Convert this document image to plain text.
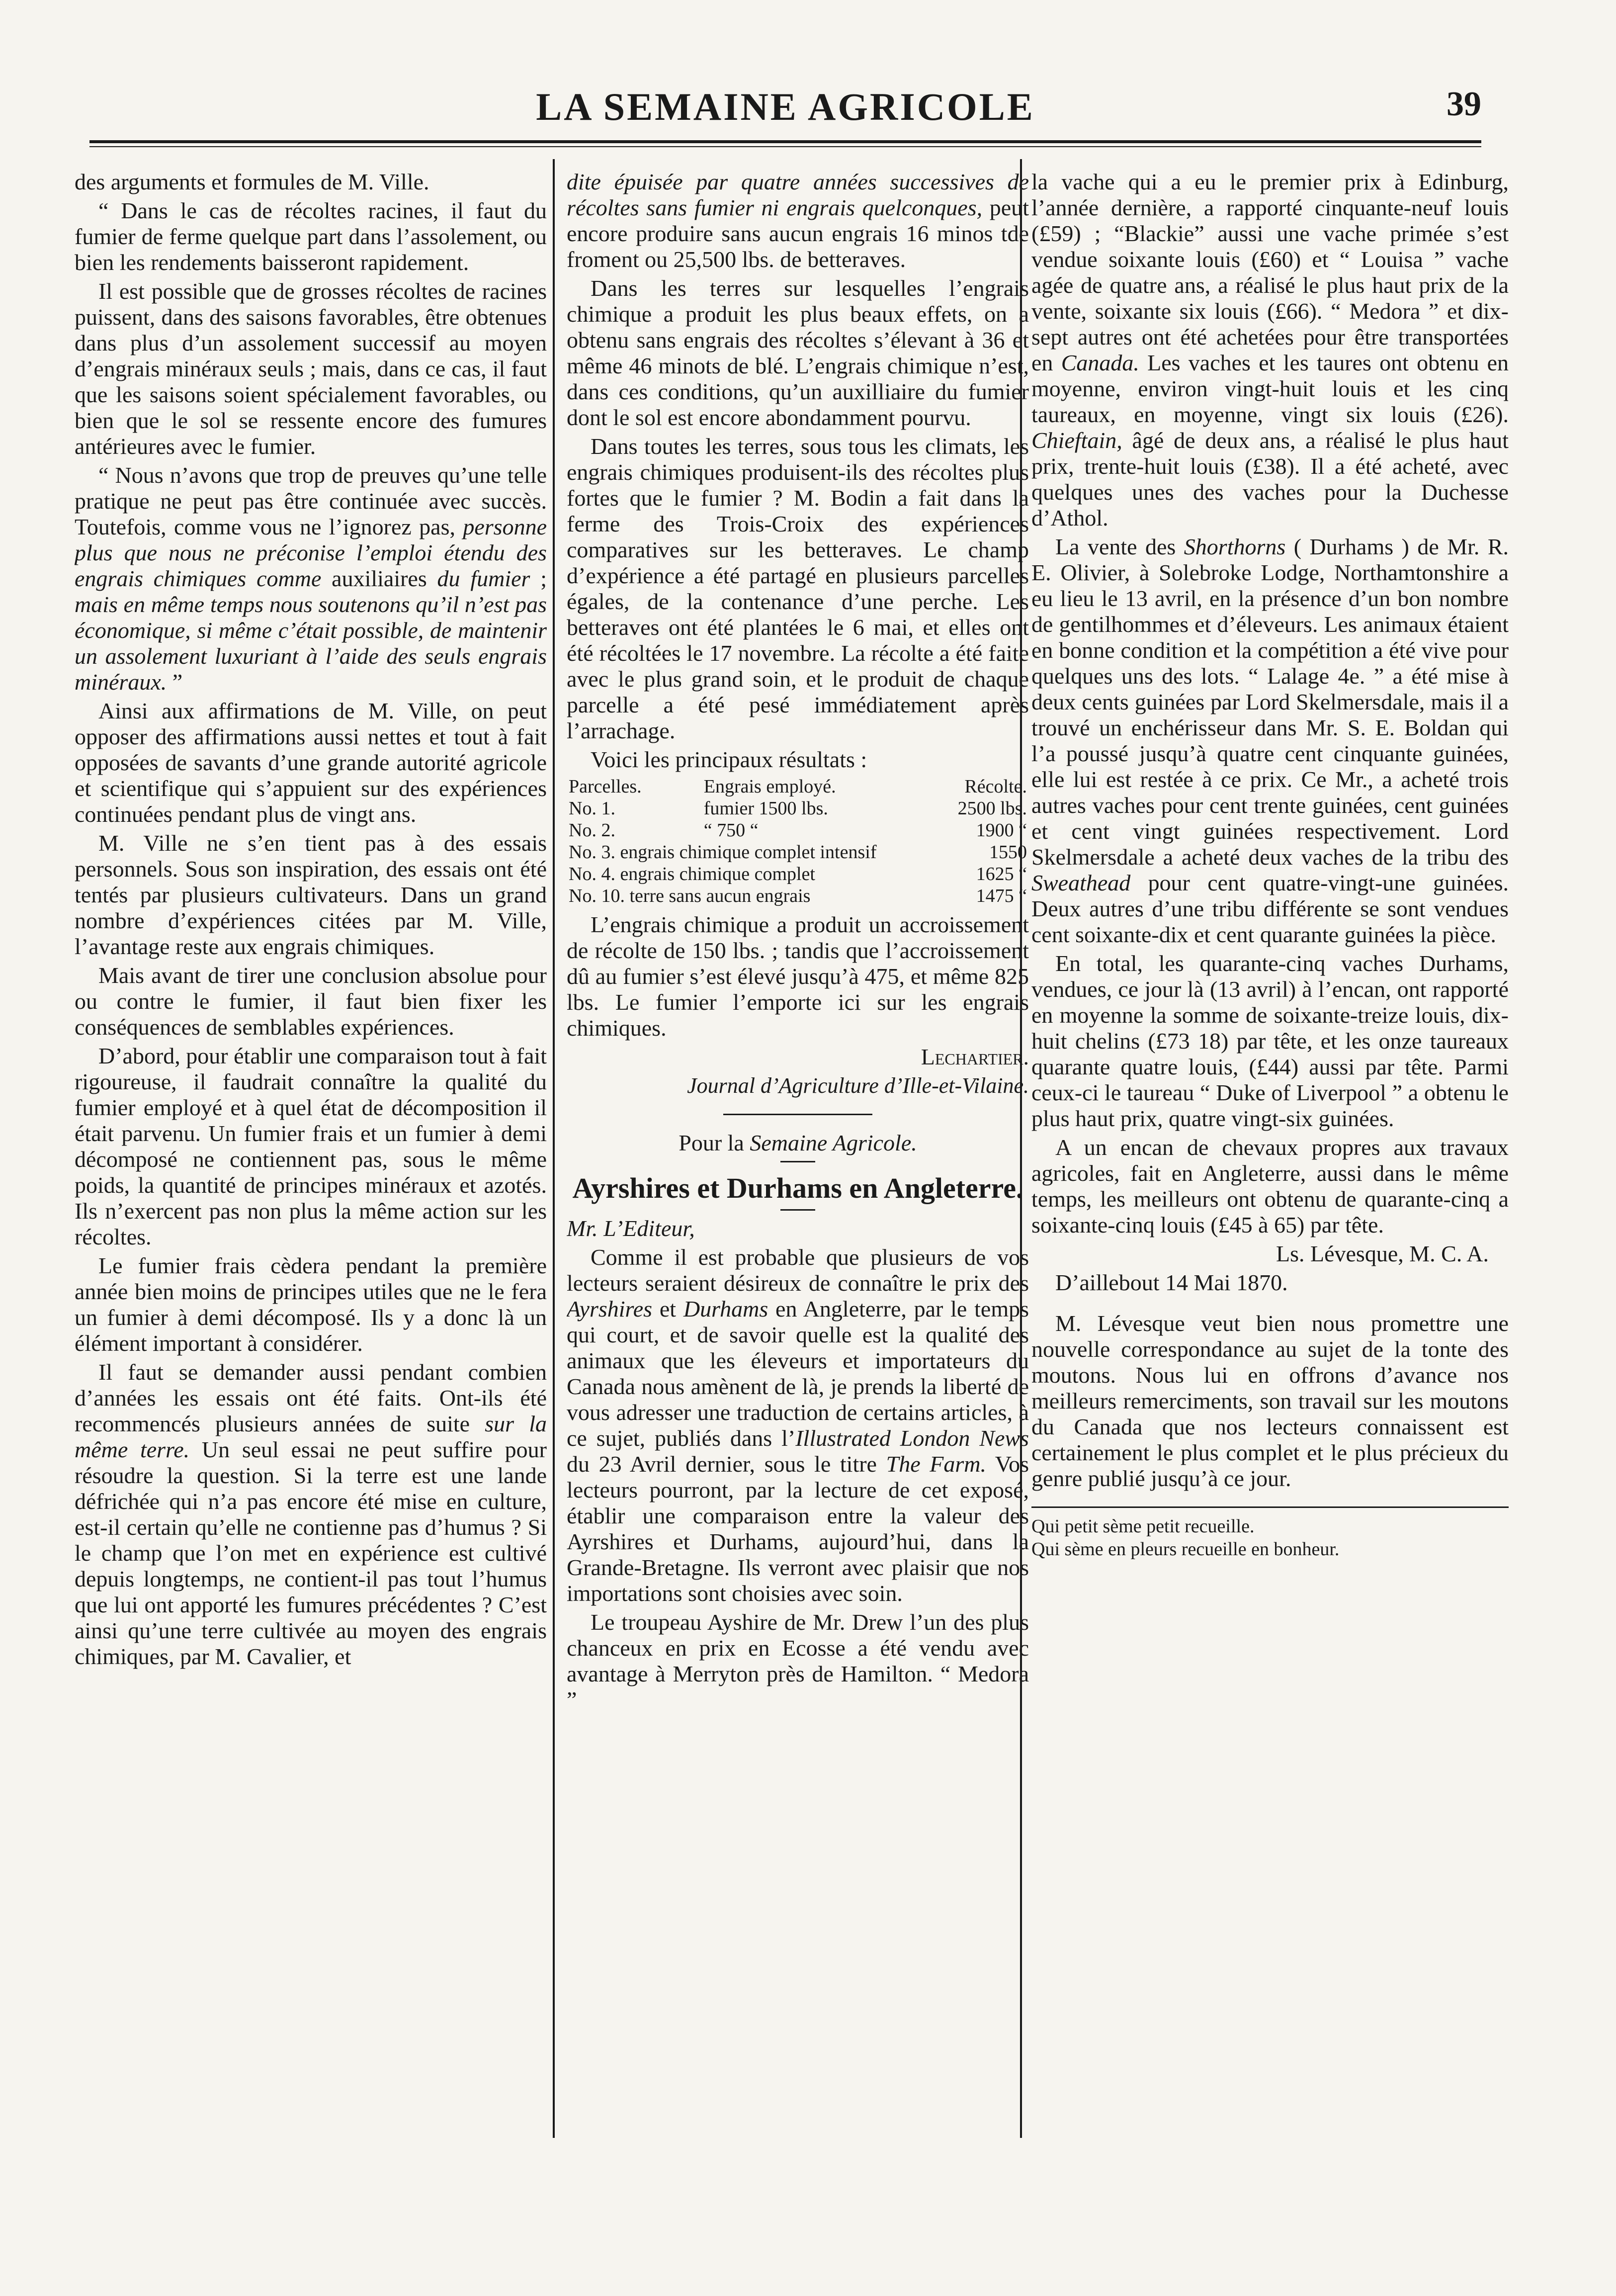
LA SEMAINE AGRICOLE	39

des arguments et formules de M. Ville.

“ Dans le cas de récoltes racines, il faut du fumier de ferme quelque part dans l’assolement, ou bien les rendements baisseront rapidement.

Il est possible que de grosses récoltes de racines puissent, dans des saisons favorables, être obtenues dans plus d’un assolement successif au moyen d’engrais minéraux seuls ; mais, dans ce cas, il faut que les saisons soient spécialement favorables, ou bien que le sol se ressente encore des fumures antérieures avec le fumier.

“ Nous n’avons que trop de preuves qu’une telle pratique ne peut pas être continuée avec succès. Toutefois, comme vous ne l’ignorez pas, personne plus que nous ne préconise l’emploi étendu des engrais chimiques comme auxiliaires du fumier ; mais en même temps nous soutenons qu’il n’est pas économique, si même c’était possible, de maintenir un assolement luxuriant à l’aide des seuls engrais minéraux. ”

Ainsi aux affirmations de M. Ville, on peut opposer des affirmations aussi nettes et tout à fait opposées de savants d’une grande autorité agricole et scientifique qui s’appuient sur des expériences continuées pendant plus de vingt ans.

M. Ville ne s’en tient pas à des essais personnels. Sous son inspiration, des essais ont été tentés par plusieurs cultivateurs. Dans un grand nombre d’expériences citées par M. Ville, l’avantage reste aux engrais chimiques.

Mais avant de tirer une conclusion absolue pour ou contre le fumier, il faut bien fixer les conséquences de semblables expériences.

D’abord, pour établir une comparaison tout à fait rigoureuse, il faudrait connaître la qualité du fumier employé et à quel état de décomposition il était parvenu. Un fumier frais et un fumier à demi décomposé ne contiennent pas, sous le même poids, la quantité de principes minéraux et azotés. Ils n’exercent pas non plus la même action sur les récoltes.

Le fumier frais cèdera pendant la première année bien moins de principes utiles que ne le fera un fumier à demi décomposé. Ils y a donc là un élément important à considérer.

Il faut se demander aussi pendant combien d’années les essais ont été faits. Ont-ils été recommencés plusieurs années de suite sur la même terre. Un seul essai ne peut suffire pour résoudre la question. Si la terre est une lande défrichée qui n’a pas encore été mise en culture, est-il certain qu’elle ne contienne pas d’humus ? Si le champ que l’on met en expérience est cultivé depuis longtemps, ne contient-il pas tout l’humus que lui ont apporté les fumures précédentes ? C’est ainsi qu’une terre cultivée au moyen des engrais chimiques, par M. Cavalier, et

dite épuisée par quatre années successives de récoltes sans fumier ni engrais quelconques, peut encore produire sans aucun engrais 16 minos tde froment ou 25,500 lbs. de betteraves.

Dans les terres sur lesquelles l’engrais chimique a produit les plus beaux effets, on a obtenu sans engrais des récoltes s’élevant à 36 et même 46 minots de blé. L’engrais chimique n’est, dans ces conditions, qu’un auxilliaire du fumier dont le sol est encore abondamment pourvu.

Dans toutes les terres, sous tous les climats, les engrais chimiques produisent-ils des récoltes plus fortes que le fumier ? M. Bodin a fait dans la ferme des Trois-Croix des expériences comparatives sur les betteraves. Le champ d’expérience a été partagé en plusieurs parcelles égales, de la contenance d’une perche. Les betteraves ont été plantées le 6 mai, et elles ont été récoltées le 17 novembre. La récolte a été faite avec le plus grand soin, et le produit de chaque parcelle a été pesé immédiatement après l’arrachage.

Voici les principaux résultats :

Parcelles.	Engrais employé.	Récolte.
No. 1.	fumier 1500 lbs.	2500 lbs.
No. 2.	“ 750 “	1900 “
No. 3. engrais chimique complet intensif		1550
No. 4. engrais chimique complet		1625 “
No. 10. terre sans aucun engrais		1475 “

L’engrais chimique a produit un accroissement de récolte de 150 lbs. ; tandis que l’accroissement dû au fumier s’est élevé jusqu’à 475, et même 825 lbs. Le fumier l’emporte ici sur les engrais chimiques.

Lechartier.

Journal d’Agriculture d’Ille-et-Vilaine.

Pour la Semaine Agricole.

Ayrshires et Durhams en Angleterre.

Mr. L’Editeur,

Comme il est probable que plusieurs de vos lecteurs seraient désireux de connaître le prix des Ayrshires et Durhams en Angleterre, par le temps qui court, et de savoir quelle est la qualité des animaux que les éleveurs et importateurs du Canada nous amènent de là, je prends la liberté de vous adresser une traduction de certains articles, à ce sujet, publiés dans l’Illustrated London News du 23 Avril dernier, sous le titre The Farm. Vos lecteurs pourront, par la lecture de cet exposé, établir une comparaison entre la valeur des Ayrshires et Durhams, aujourd’hui, dans la Grande-Bretagne. Ils verront avec plaisir que nos importations sont choisies avec soin.

Le troupeau Ayshire de Mr. Drew l’un des plus chanceux en prix en Ecosse a été vendu avec avantage à Merryton près de Hamilton. “ Medora ”

la vache qui a eu le premier prix à Edinburg, l’année dernière, a rapporté cinquante-neuf louis (£59) ; “Blackie” aussi une vache primée s’est vendue soixante louis (£60) et “ Louisa ” vache agée de quatre ans, a réalisé le plus haut prix de la vente, soixante six louis (£66). “ Medora ” et dix-sept autres ont été achetées pour être transportées en Canada. Les vaches et les taures ont obtenu en moyenne, environ vingt-huit louis et les cinq taureaux, en moyenne, vingt six louis (£26). Chieftain, âgé de deux ans, a réalisé le plus haut prix, trente-huit louis (£38). Il a été acheté, avec quelques unes des vaches pour la Duchesse d’Athol.

La vente des Shorthorns ( Durhams ) de Mr. R. E. Olivier, à Solebroke Lodge, Northamtonshire a eu lieu le 13 avril, en la présence d’un bon nombre de gentilhommes et d’éleveurs. Les animaux étaient en bonne condition et la compétition a été vive pour quelques uns des lots. “ Lalage 4e. ” a été mise à deux cents guinées par Lord Skelmersdale, mais il a trouvé un enchérisseur dans Mr. S. E. Boldan qui l’a poussé jusqu’à quatre cent cinquante guinées, elle lui est restée à ce prix. Ce Mr., a acheté trois autres vaches pour cent trente guinées, cent guinées et cent vingt guinées respectivement. Lord Skelmersdale a acheté deux vaches de la tribu des Sweathead pour cent quatre-vingt-une guinées. Deux autres d’une tribu différente se sont vendues cent soixante-dix et cent quarante guinées la pièce.

En total, les quarante-cinq vaches Durhams, vendues, ce jour là (13 avril) à l’encan, ont rapporté en moyenne la somme de soixante-treize louis, dix-huit chelins (£73 18) par tête, et les onze taureaux quarante quatre louis, (£44) aussi par tête. Parmi ceux-ci le taureau “ Duke of Liverpool ” a obtenu le plus haut prix, quatre vingt-six guinées.

A un encan de chevaux propres aux travaux agricoles, fait en Angleterre, aussi dans le même temps, les meilleurs ont obtenu de quarante-cinq a soixante-cinq louis (£45 à 65) par tête.

Ls. Lévesque, M. C. A.

D’aillebout 14 Mai 1870.

M. Lévesque veut bien nous promettre une nouvelle correspondance au sujet de la tonte des moutons. Nous lui en offrons d’avance nos meilleurs remerciments, son travail sur les moutons du Canada que nos lecteurs connaissent est certainement le plus complet et le plus précieux du genre publié jusqu’à ce jour.

Qui petit sème petit recueille.
Qui sème en pleurs recueille en bonheur.
